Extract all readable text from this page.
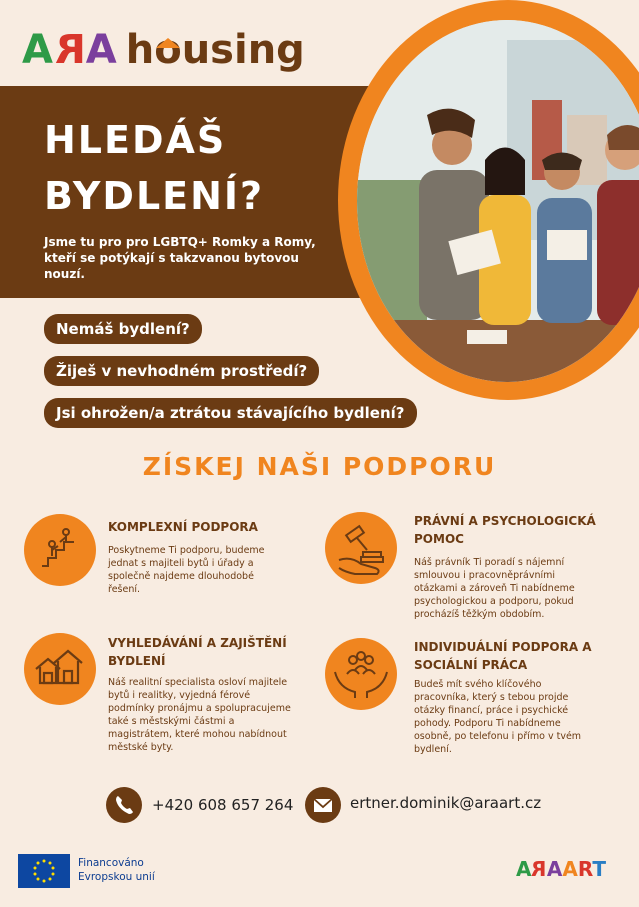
ARA housing
HLEDÁŠ
BYDLENÍ?
Jsme tu pro pro LGBTQ+ Romky a Romy, kteří se potýkají s takzvanou bytovou nouzí.
Nemáš bydlení?
Žiješ v nevhodném prostředí?
Jsi ohrožen/a ztrátou stávajícího bydlení?
ZÍSKEJ NAŠI PODPORU
KOMPLEXNÍ PODPORA
Poskytneme Ti podporu, budeme jednat s majiteli bytů i úřady a společně najdeme dlouhodobé řešení.
PRÁVNÍ A PSYCHOLOGICKÁ POMOC
Náš právník Ti poradí s nájemní smlouvou i pracovněprávními otázkami a zároveň Ti nabídneme psychologickou a podporu, pokud procházíš těžkým obdobím.
VYHLEDÁVÁNÍ A ZAJIŠTĚNÍ BYDLENÍ
Náš realitní specialista osloví majitele bytů i realitky, vyjedná férové podmínky pronájmu a spolupracujeme také s městskými částmi a magistrátem, které mohou nabídnout městské byty.
INDIVIDUÁLNÍ PODPORA A SOCIÁLNÍ PRÁCA
Budeš mít svého klíčového pracovníka, který s tebou projde otázky financí, práce i psychické pohody. Podporu Ti nabídneme osobně, po telefonu i přímo v tvém bydlení.
+420 608 657 264	ertner.dominik@araart.cz
Financováno
Evropskou unií	ARAART
